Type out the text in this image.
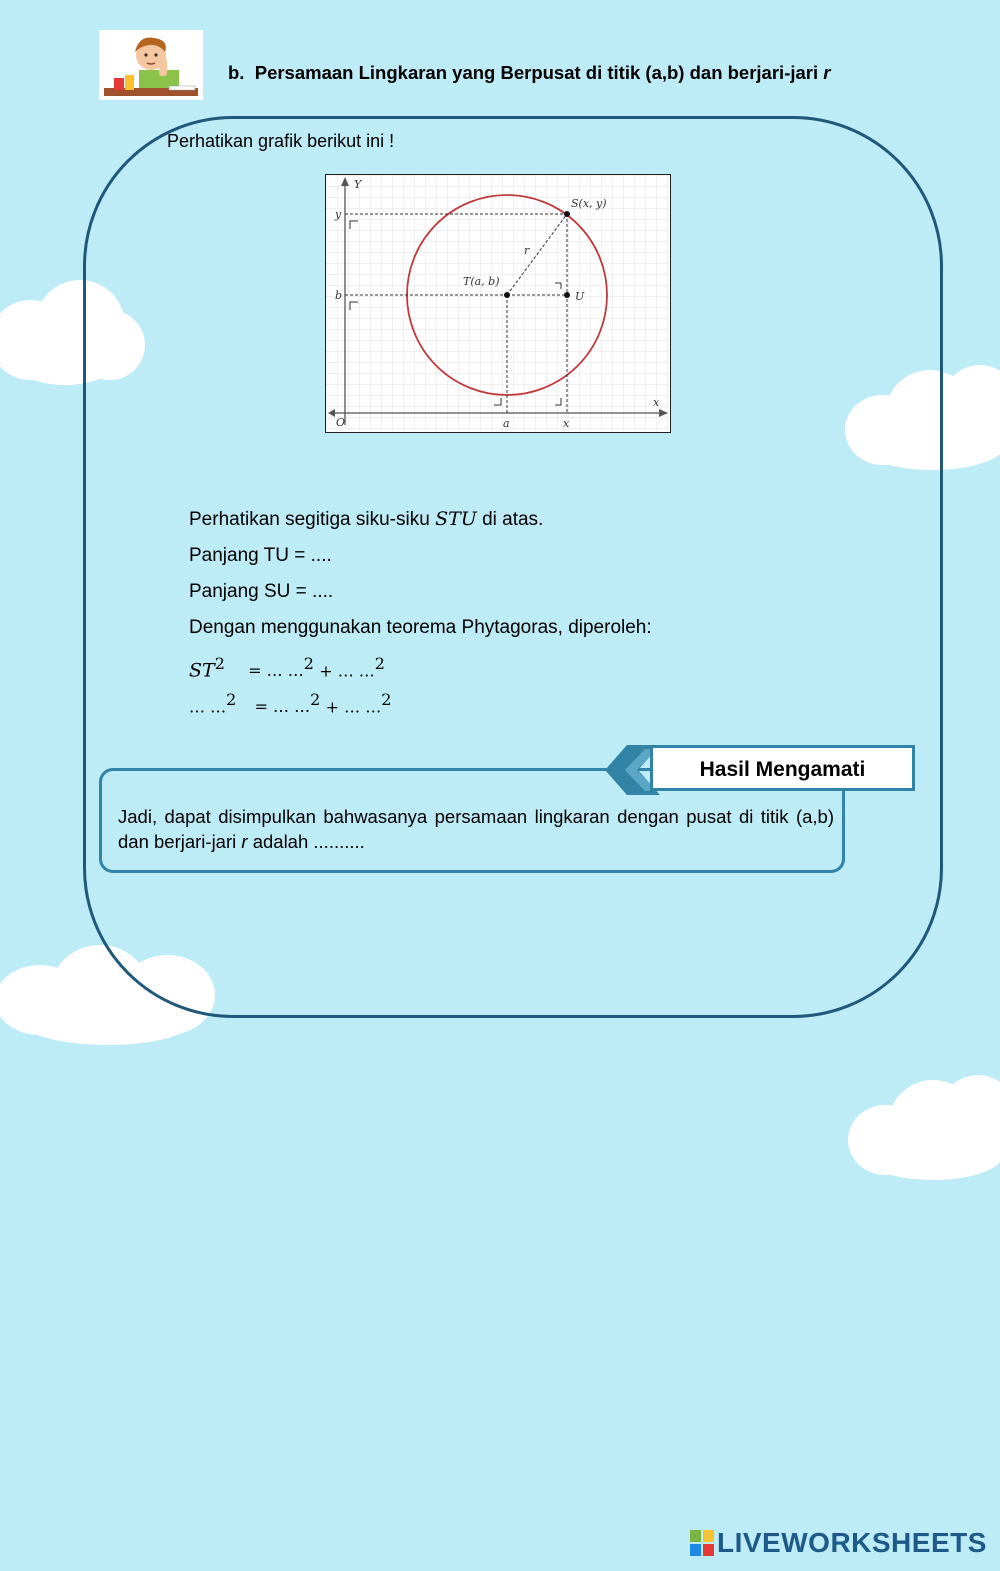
b. Persamaan Lingkaran yang Berpusat di titik (a,b) dan berjari-jari r
Perhatikan grafik berikut ini !
Y
x
O
y
b
a	x
S(x, y)
T(a, b)
U
r
Perhatikan segitiga siku-siku STU di atas.
Panjang TU = ....
Panjang SU = ....
Dengan menggunakan teorema Phytagoras, diperoleh:
$ST^2$ = … …$^2$ + … …$^2$
… …$^2$ = … …$^2$ + … …$^2$
Hasil Mengamati
Jadi, dapat disimpulkan bahwasanya persamaan lingkaran dengan pusat di titik (a,b) dan berjari-jari r adalah ..........
LIVEWORKSHEETS
